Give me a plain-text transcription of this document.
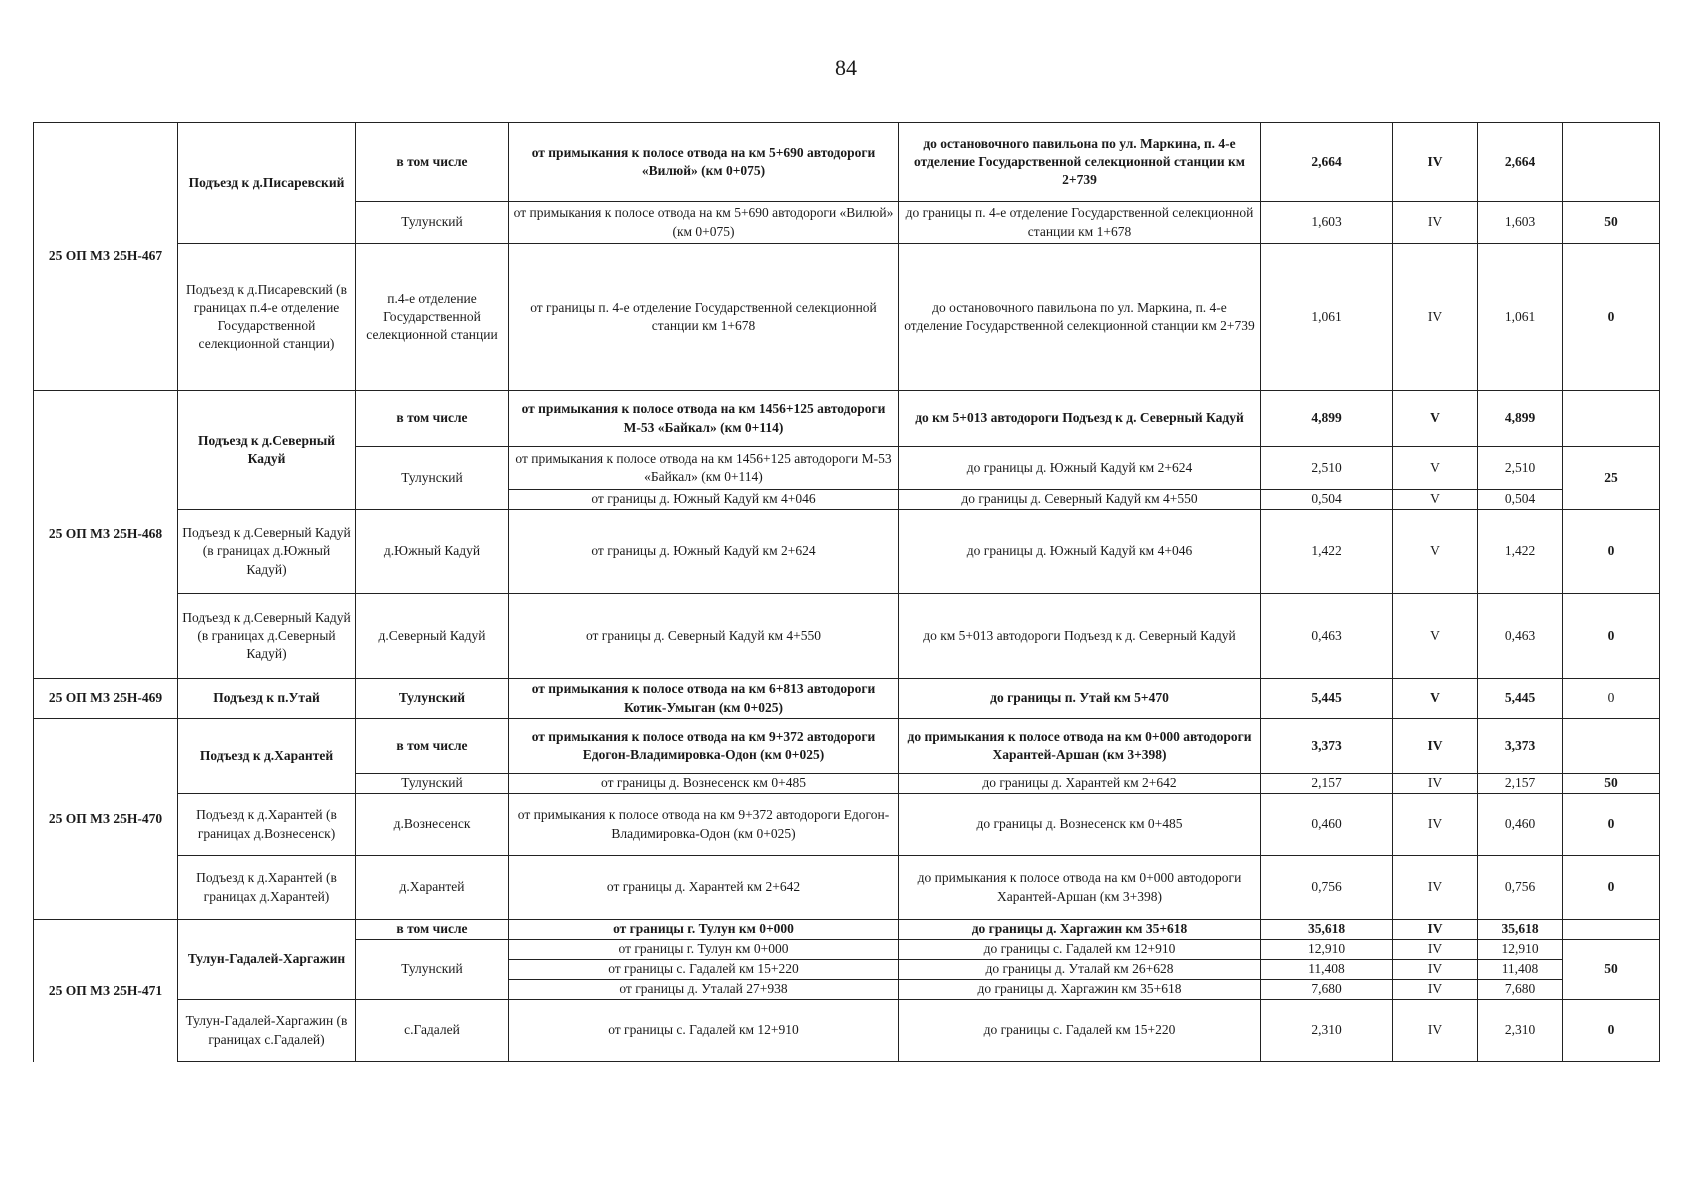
84
25 ОП МЗ 25Н-467	Подъезд к д.Писаревский	в том числе	от примыкания к полосе отвода на км 5+690 автодороги «Вилюй» (км 0+075)	до остановочного павильона по ул. Маркина, п. 4-е отделение Государственной селекционной станции км 2+739	2,664	IV	2,664	
		Тулунский	от примыкания к полосе отвода на км 5+690 автодороги «Вилюй» (км 0+075)	до границы п. 4-е отделение Государственной селекционной станции км 1+678	1,603	IV	1,603	50
	Подъезд к д.Писаревский (в границах п.4-е отделение Государственной селекционной станции)	п.4-е отделение Государственной селекционной станции	от границы п. 4-е отделение Государственной селекционной станции км 1+678	до остановочного павильона по ул. Маркина, п. 4-е отделение Государственной селекционной станции км 2+739	1,061	IV	1,061	0
25 ОП МЗ 25Н-468	Подъезд к д.Северный Кадуй	в том числе	от примыкания к полосе отвода на км 1456+125 автодороги М-53 «Байкал» (км 0+114)	до км 5+013 автодороги Подъезд к д. Северный Кадуй	4,899	V	4,899	
		Тулунский	от примыкания к полосе отвода на км 1456+125 автодороги М-53 «Байкал» (км 0+114)	до границы д. Южный Кадуй км 2+624	2,510	V	2,510	25
			от границы д. Южный Кадуй км 4+046	до границы д. Северный Кадуй км 4+550	0,504	V	0,504	
	Подъезд к д.Северный Кадуй (в границах д.Южный Кадуй)	д.Южный Кадуй	от границы д. Южный Кадуй км 2+624	до границы д. Южный Кадуй км 4+046	1,422	V	1,422	0
	Подъезд к д.Северный Кадуй (в границах д.Северный Кадуй)	д.Северный Кадуй	от границы д. Северный Кадуй км 4+550	до км 5+013 автодороги Подъезд к д. Северный Кадуй	0,463	V	0,463	0
25 ОП МЗ 25Н-469	Подъезд к п.Утай	Тулунский	от примыкания к полосе отвода на км 6+813 автодороги Котик-Умыган (км 0+025)	до границы п. Утай км 5+470	5,445	V	5,445	0
25 ОП МЗ 25Н-470	Подъезд к д.Харантей	в том числе	от примыкания к полосе отвода на км 9+372 автодороги Едогон-Владимировка-Одон (км 0+025)	до примыкания к полосе отвода на км 0+000 автодороги Харантей-Аршан (км 3+398)	3,373	IV	3,373	
		Тулунский	от границы д. Вознесенск км 0+485	до границы д. Харантей км 2+642	2,157	IV	2,157	50
	Подъезд к д.Харантей (в границах д.Вознесенск)	д.Вознесенск	от примыкания к полосе отвода на км 9+372 автодороги Едогон-Владимировка-Одон (км 0+025)	до границы д. Вознесенск км 0+485	0,460	IV	0,460	0
	Подъезд к д.Харантей (в границах д.Харантей)	д.Харантей	от границы д. Харантей км 2+642	до примыкания к полосе отвода на км 0+000 автодороги Харантей-Аршан (км 3+398)	0,756	IV	0,756	0
25 ОП МЗ 25Н-471	Тулун-Гадалей-Харгажин	в том числе	от границы г. Тулун км 0+000	до границы д. Харгажин км 35+618	35,618	IV	35,618	
		Тулунский	от границы г. Тулун км 0+000	до границы с. Гадалей км 12+910	12,910	IV	12,910	50
			от границы с. Гадалей км 15+220	до границы д. Уталай км 26+628	11,408	IV	11,408	
			от границы д. Уталай 27+938	до границы д. Харгажин км 35+618	7,680	IV	7,680	
	Тулун-Гадалей-Харгажин (в границах с.Гадалей)	с.Гадалей	от границы с. Гадалей км 12+910	до границы с. Гадалей км 15+220	2,310	IV	2,310	0
